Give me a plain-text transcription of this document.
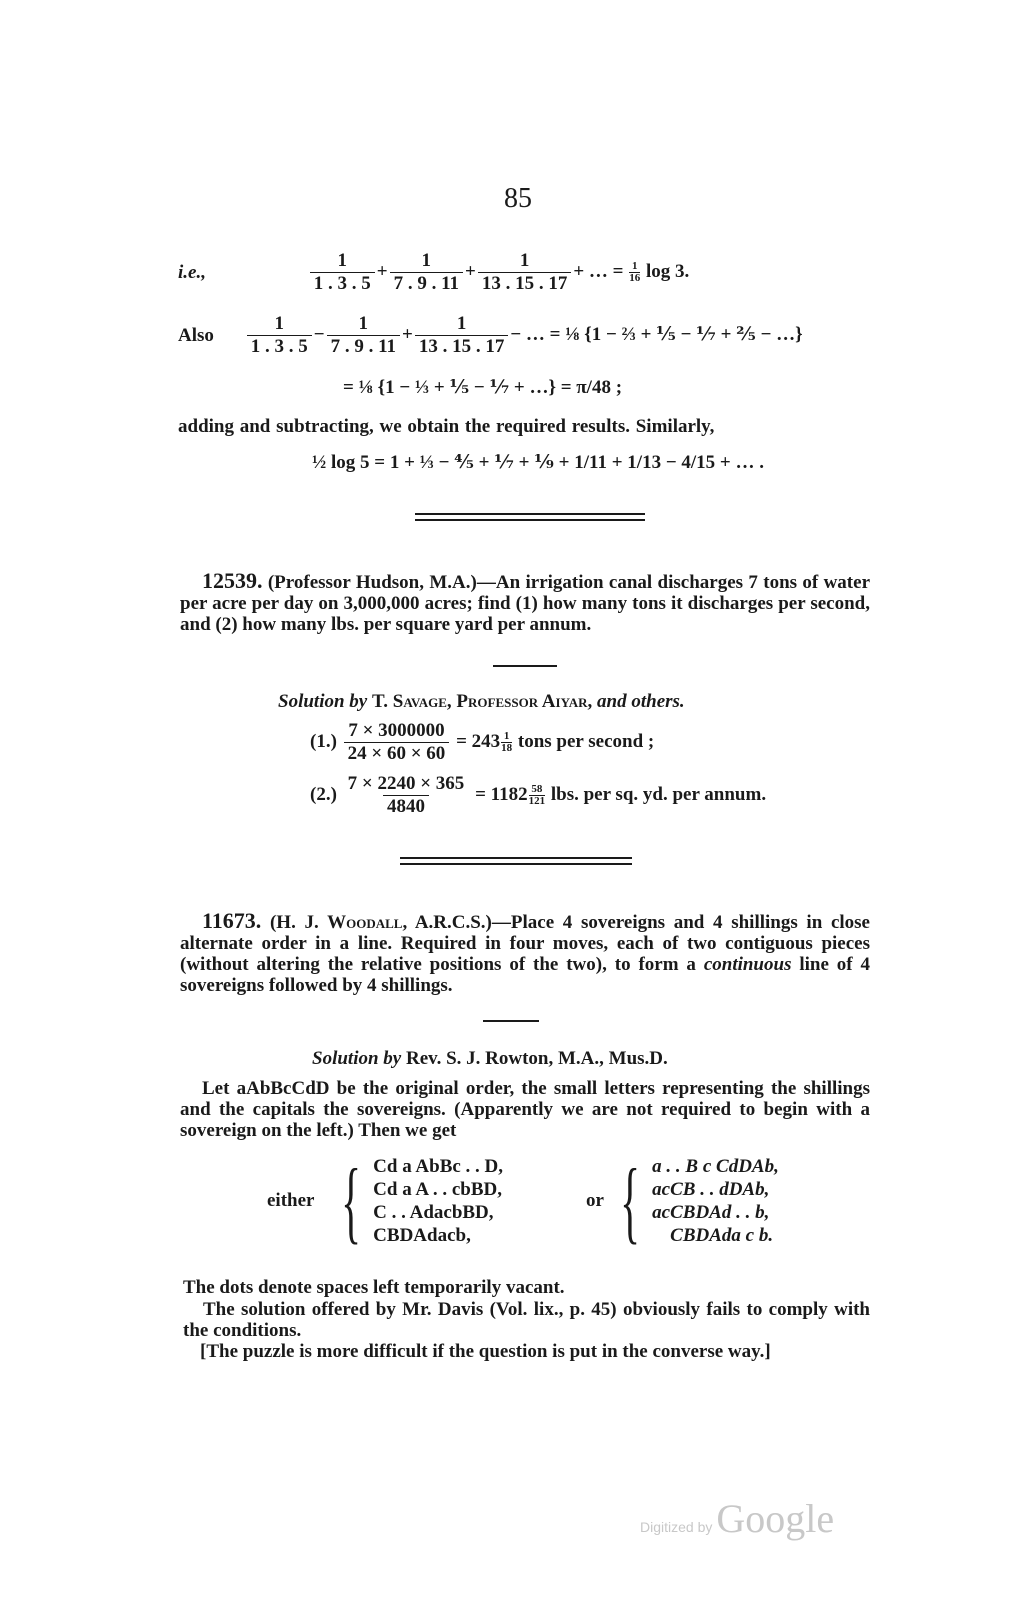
85
i.e.,	$\frac{1}{1 . 3 . 5} + \frac{1}{7 . 9 . 11} + \frac{1}{13 . 15 . 17}$ + … = $\frac{1}{16}$ log 3.
Also $\frac{1}{1 . 3 . 5} - \frac{1}{7 . 9 . 11} + \frac{1}{13 . 15 . 17}$ − … = ⅛ {1 − ⅔ + ⅕ − ⅐ + ⅖ − …}
= ⅛ {1 − ⅓ + ⅕ − ⅐ + …} = π/48 ;
adding and subtracting, we obtain the required results. Similarly,
½ log 5 = 1 + ⅓ − ⅘ + ⅐ + ⅑ + 1/11 + 1/13 − 4/15 + … .
12539. (Professor Hudson, M.A.)—An irrigation canal discharges 7 tons of water per acre per day on 3,000,000 acres; find (1) how many tons it discharges per second, and (2) how many lbs. per square yard per annum.
Solution by T. Savage, Professor Aiyar, and others.
$(1.) \frac{7 \times 3000000}{24 \times 60 \times 60} = 243 \frac{1}{18}$ tons per second ;
$(2.) \frac{7 \times 2240 \times 365}{4840} = 1182 \frac{58}{121}$ lbs. per sq. yd. per annum.
11673. (H. J. Woodall, A.R.C.S.)—Place 4 sovereigns and 4 shillings in close alternate order in a line. Required in four moves, each of two contiguous pieces (without altering the relative positions of the two), to form a continuous line of 4 sovereigns followed by 4 shillings.
Solution by Rev. S. J. Rowton, M.A., Mus.D.
Let aAbBcCdD be the original order, the small letters representing the shillings and the capitals the sovereigns. (Apparently we are not required to begin with a sovereign on the left.) Then we get
either { Cd a AbBc . . D,
Cd a A . . cbBD,
C . . AdacbBD,
CBDAdacb,
or { a . . B c CdDAb,
acCB . . dDAb,
acCBDAd . . b,
CBDAda c b.
The dots denote spaces left temporarily vacant.
The solution offered by Mr. Davis (Vol. lix., p. 45) obviously fails to comply with the conditions.
[The puzzle is more difficult if the question is put in the converse way.]
Digitized by Google
